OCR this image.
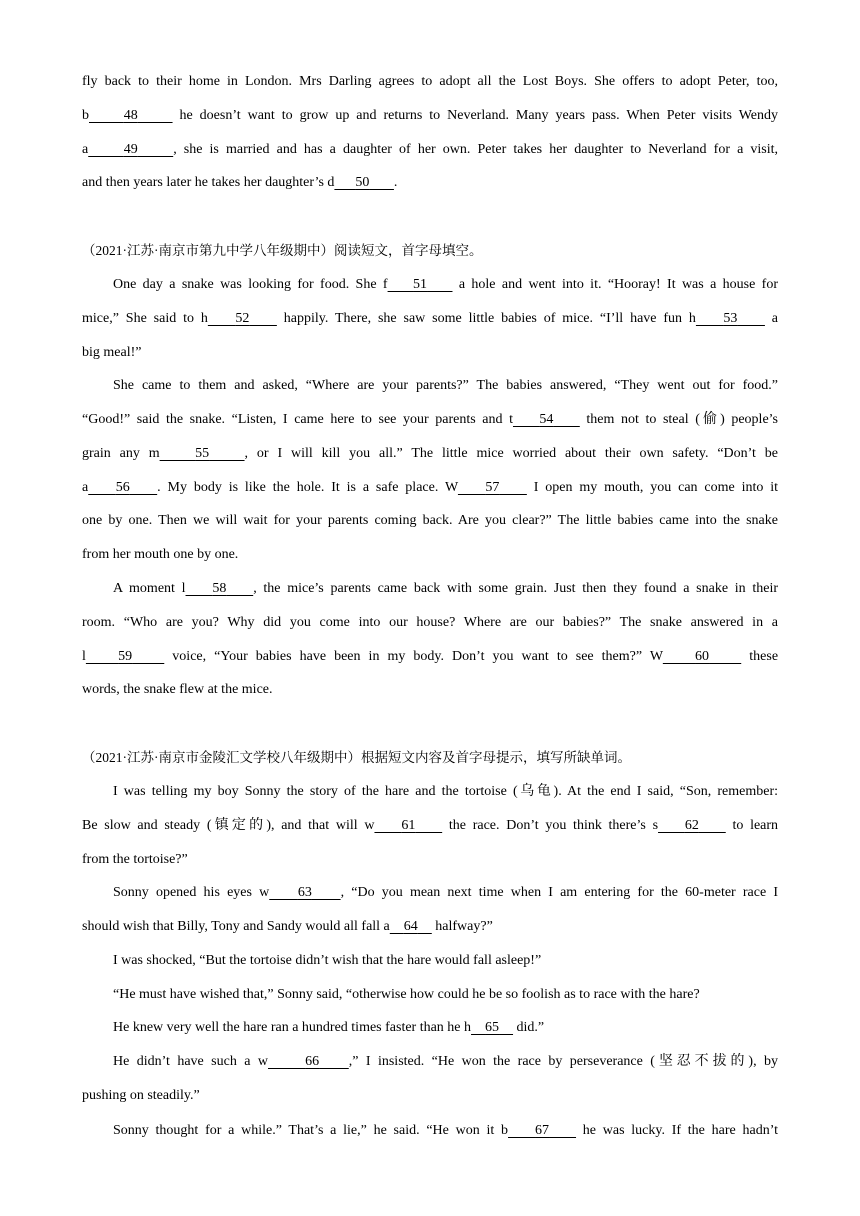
fly back to their home in London. Mrs Darling agrees to adopt all the Lost Boys. She offers to adopt Peter, too,
b 48      he doesn’t want to grow up and returns to Neverland. Many years pass. When Peter visits Wendy
a	49	, she is married and has a daughter of her own. Peter takes her daughter to Neverland for a visit,
and then years later he takes her daughter’s d 50 .
（2021·江苏·南京市第九中学八年级期中）阅读短文，首字母填空。
One day a snake was looking for food. She f 51     a hole and went into it. “Hooray! It was a house for
mice,” She said to h 52     happily. There, she saw some little babies of mice. “I’ll have fun h 53     a
big meal!”
She came to them and asked, “Where are your parents?” The babies answered, “They went out for food.”
“Good!” said the snake. “Listen, I came here to see your parents and t 54     them not to steal (偷) people’s
grain any m	55	, or I will kill you all.” The little mice worried about their own safety. “Don’t be
a 56 . My body is like the hole. It is a safe place. W 57     I open my mouth, you can come into it
one by one. Then we will wait for your parents coming back. Are you clear?” The little babies came into the snake
from her mouth one by one.
A moment l 58 , the mice’s parents came back with some grain. Just then they found a snake in their
room. “Who are you? Why did you come into our house? Where are our babies?” The snake answered in a
l 59     voice, “Your babies have been in my body. Don’t you want to see them?” W 60     these
words, the snake flew at the mice.
（2021·江苏·南京市金陵汇文学校八年级期中）根据短文内容及首字母提示，填写所缺单词。
I was telling my boy Sonny the story of the hare and the tortoise (乌龟). At the end I said, “Son, remember:
Be slow and steady (镇定的), and that will w 61     the race. Don’t you think there’s s 62     to learn
from the tortoise?”
Sonny opened his eyes w 63 , “Do you mean next time when I am entering for the 60-meter race I
should wish that Billy, Tony and Sandy would all fall a 64     halfway?”
I was shocked, “But the tortoise didn’t wish that the hare would fall asleep!”
“He must have wished that,” Sonny said, “otherwise how could he be so foolish as to race with the hare?
He knew very well the hare ran a hundred times faster than he h 65     did.”
He didn’t have such a w	66 ,” I insisted. “He won the race by perseverance (坚忍不拔的), by
pushing on steadily.”
Sonny thought for a while.” That’s a lie,” he said. “He won it b 67     he was lucky. If the hare hadn’t
